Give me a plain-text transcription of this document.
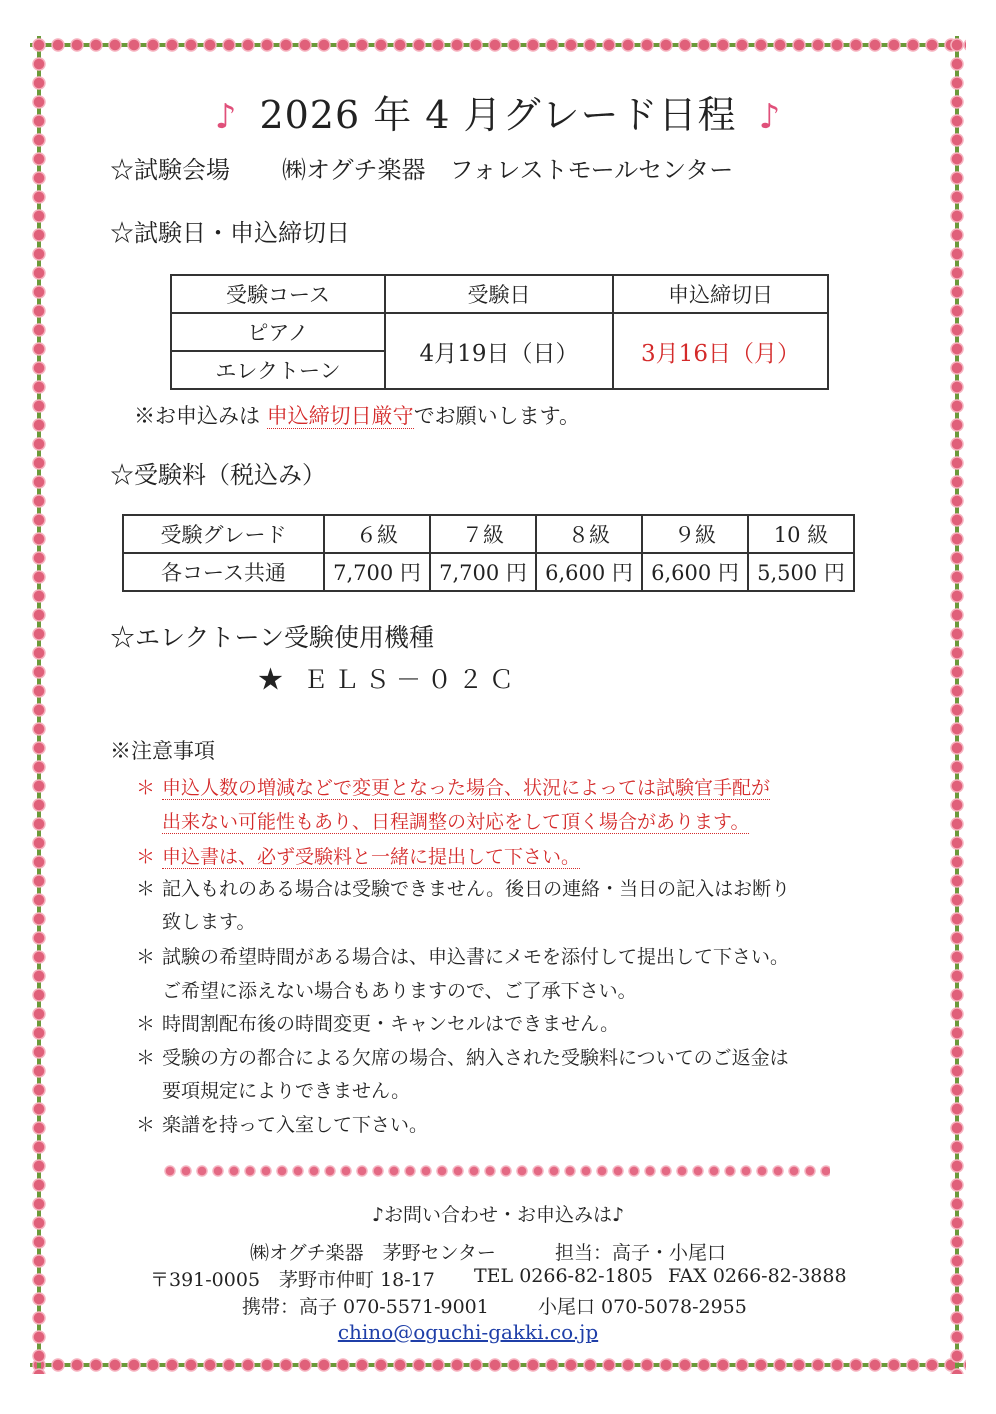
♪ 2026 年 4 月グレード日程 ♪
☆試験会場 ㈱オグチ楽器　フォレストモールセンター
☆試験日・申込締切日
受験コース	受験日	申込締切日
ピアノ	4月19日（日）	3月16日（月）
エレクトーン		
※お申込みは 申込締切日厳守でお願いします。
☆受験料（税込み）
受験グレード	６級	７級	８級	９級	10 級
各コース共通	7,700 円	7,700 円	6,600 円	6,600 円	5,500 円
☆エレクトーン受験使用機種
★ ＥＬＳ－０２Ｃ
※注意事項
＊ 申込人数の増減などで変更となった場合、状況によっては試験官手配が
出来ない可能性もあり、日程調整の対応をして頂く場合があります。
＊ 申込書は、必ず受験料と一緒に提出して下さい。
＊ 記入もれのある場合は受験できません。後日の連絡・当日の記入はお断り
致します。
＊ 試験の希望時間がある場合は、申込書にメモを添付して提出して下さい。
ご希望に添えない場合もありますので、ご了承下さい。
＊ 時間割配布後の時間変更・キャンセルはできません。
＊ 受験の方の都合による欠席の場合、納入された受験料についてのご返金は
要項規定によりできません。
＊ 楽譜を持って入室して下さい。
♪お問い合わせ・お申込みは♪
㈱オグチ楽器　茅野センター	担当：高子・小尾口
〒391-0005　茅野市仲町 18-17 TEL 0266-82-1805 FAX 0266-82-3888
携帯：高子 070-5571-9001	小尾口 070-5078-2955
chino@oguchi-gakki.co.jp
